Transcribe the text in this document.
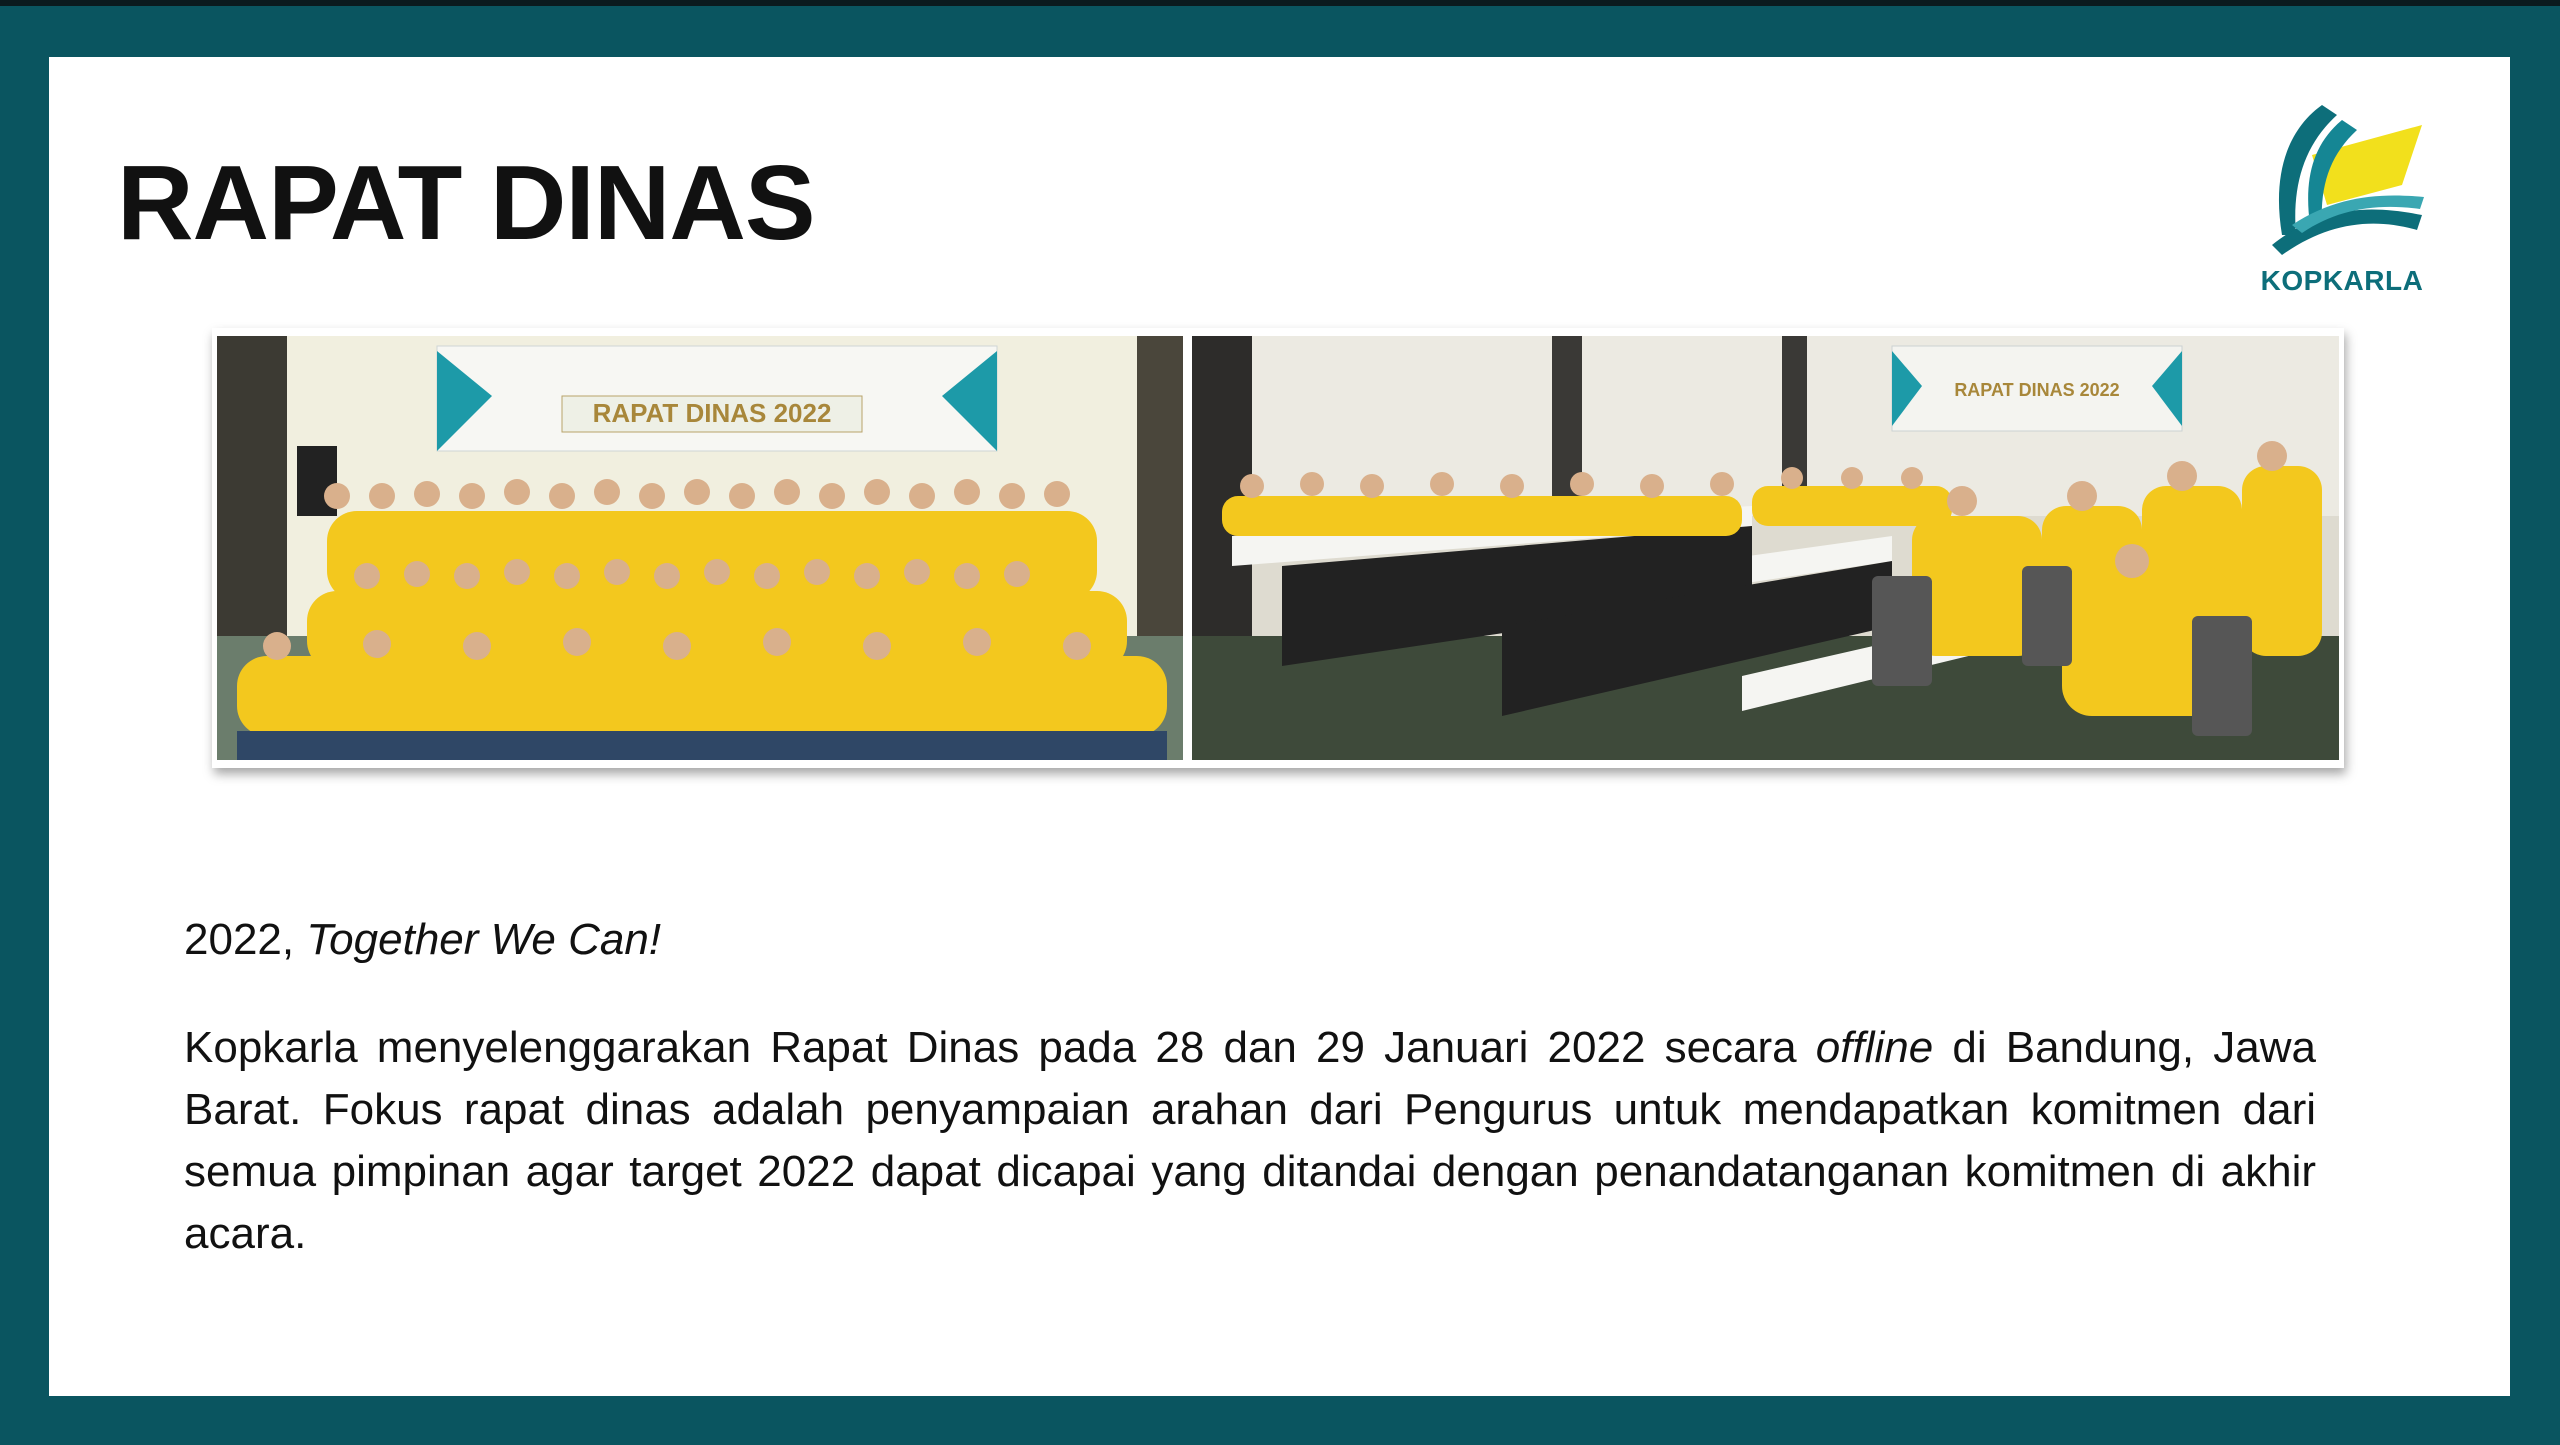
RAPAT DINAS
KOPKARLA
RAPAT DINAS 2022
RAPAT DINAS 2022
2022, Together We Can!

Kopkarla menyelenggarakan Rapat Dinas pada 28 dan 29 Januari 2022 secara offline di Bandung, Jawa Barat. Fokus rapat dinas adalah penyampaian arahan dari Pengurus untuk mendapatkan komitmen dari semua pimpinan agar target 2022 dapat dicapai yang ditandai dengan penandatanganan komitmen di akhir acara.
